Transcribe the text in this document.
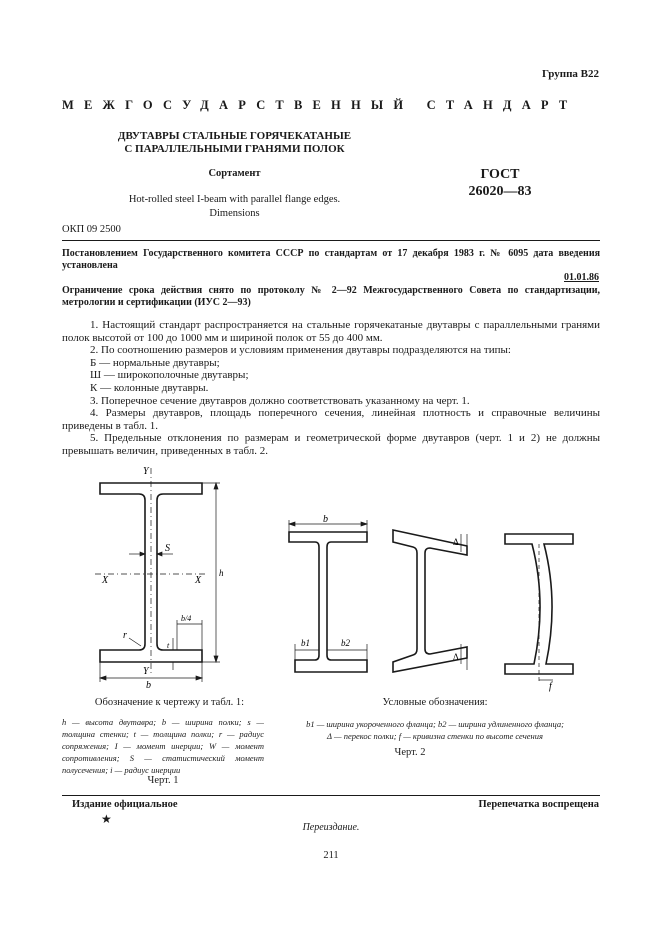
Группа В22
МЕЖГОСУДАРСТВЕННЫЙ СТАНДАРТ
ДВУТАВРЫ СТАЛЬНЫЕ ГОРЯЧЕКАТАНЫЕ
С ПАРАЛЛЕЛЬНЫМИ ГРАНЯМИ ПОЛОК
Сортамент	ГОСТ
26020—83
Hot-rolled steel I-beam with parallel flange edges.
Dimensions
ОКП 09 2500
Постановлением Государственного комитета СССР по стандартам от 17 декабря 1983 г. № 6095 дата введения установлена
01.01.86
Ограничение срока действия снято по протоколу № 2—92 Межгосударственного Совета по стандартизации, метрологии и сертификации (ИУС 2—93)

1. Настоящий стандарт распространяется на стальные горячекатаные двутавры с параллельными гранями полок высотой от 100 до 1000 мм и шириной полок от 55 до 400 мм.

2. По соотношению размеров и условиям применения двутавры подразделяются на типы:

Б — нормальные двутавры;

Ш — широкополочные двутавры;

К — колонные двутавры.

3. Поперечное сечение двутавров должно соответствовать указанному на черт. 1.

4. Размеры двутавров, площадь поперечного сечения, линейная плотность и справочные величины приведены в табл. 1.

5. Предельные отклонения по размерам и геометрической форме двутавров (черт. 1 и 2) не должны превышать величин, приведенных в табл. 2.

Y
Y
X	X
S
h
r
t
b/4
b
b
b1	b2
Δ
Δ
f
Обозначение к чертежу и табл. 1:
h — высота двутавра; b — ширина полки; s — толщина стенки; t — толщина полки; r — радиус сопряжения; I — момент инерции; W — момент сопротивления; S — статистический момент полусечения; i — радиус инерции
Черт. 1
Условные обозначения:
b1 — ширина укороченного фланца; b2 — ширина удлиненного фланца;
Δ — перекос полки; f — кривизна стенки по высоте сечения
Черт. 2
Издание официальное
★
Перепечатка воспрещена
Переиздание.
211
